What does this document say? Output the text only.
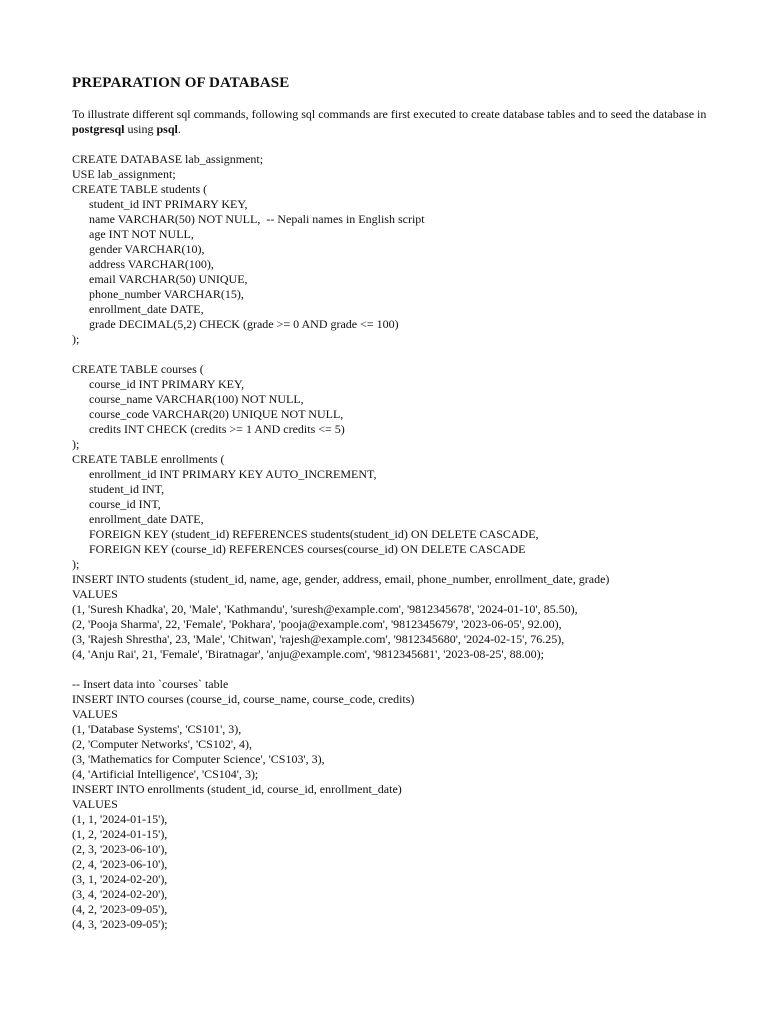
PREPARATION OF DATABASE
To illustrate different sql commands, following sql commands are first executed to create database tables and to seed the database in postgresql using psql.
CREATE DATABASE lab_assignment;
USE lab_assignment;
CREATE TABLE students (
student_id INT PRIMARY KEY,
name VARCHAR(50) NOT NULL,  -- Nepali names in English script
age INT NOT NULL,
gender VARCHAR(10),
address VARCHAR(100),
email VARCHAR(50) UNIQUE,
phone_number VARCHAR(15),
enrollment_date DATE,
grade DECIMAL(5,2) CHECK (grade >= 0 AND grade <= 100)
);
CREATE TABLE courses (
course_id INT PRIMARY KEY,
course_name VARCHAR(100) NOT NULL,
course_code VARCHAR(20) UNIQUE NOT NULL,
credits INT CHECK (credits >= 1 AND credits <= 5)
);
CREATE TABLE enrollments (
enrollment_id INT PRIMARY KEY AUTO_INCREMENT,
student_id INT,
course_id INT,
enrollment_date DATE,
FOREIGN KEY (student_id) REFERENCES students(student_id) ON DELETE CASCADE,
FOREIGN KEY (course_id) REFERENCES courses(course_id) ON DELETE CASCADE
);
INSERT INTO students (student_id, name, age, gender, address, email, phone_number, enrollment_date, grade)
VALUES
(1, 'Suresh Khadka', 20, 'Male', 'Kathmandu', 'suresh@example.com', '9812345678', '2024-01-10', 85.50),
(2, 'Pooja Sharma', 22, 'Female', 'Pokhara', 'pooja@example.com', '9812345679', '2023-06-05', 92.00),
(3, 'Rajesh Shrestha', 23, 'Male', 'Chitwan', 'rajesh@example.com', '9812345680', '2024-02-15', 76.25),
(4, 'Anju Rai', 21, 'Female', 'Biratnagar', 'anju@example.com', '9812345681', '2023-08-25', 88.00);
-- Insert data into `courses` table
INSERT INTO courses (course_id, course_name, course_code, credits)
VALUES
(1, 'Database Systems', 'CS101', 3),
(2, 'Computer Networks', 'CS102', 4),
(3, 'Mathematics for Computer Science', 'CS103', 3),
(4, 'Artificial Intelligence', 'CS104', 3);
INSERT INTO enrollments (student_id, course_id, enrollment_date)
VALUES
(1, 1, '2024-01-15'),
(1, 2, '2024-01-15'),
(2, 3, '2023-06-10'),
(2, 4, '2023-06-10'),
(3, 1, '2024-02-20'),
(3, 4, '2024-02-20'),
(4, 2, '2023-09-05'),
(4, 3, '2023-09-05');
